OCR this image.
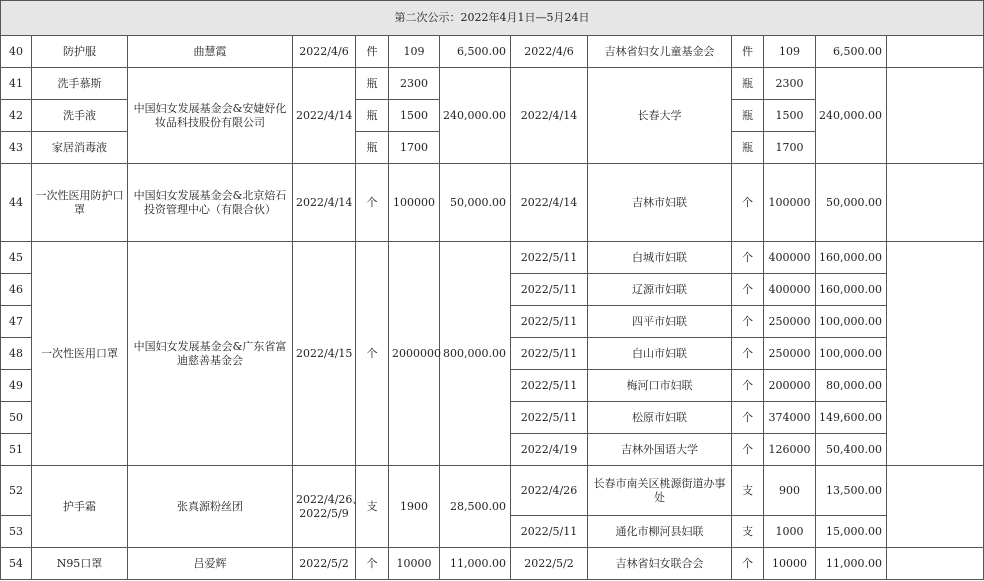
第二次公示：2022年4月1日—5月24日												
40	防护服	曲慧霞	2022/4/6	件	109	6,500.00	2022/4/6	吉林省妇女儿童基金会	件	109	6,500.00	
41	洗手慕斯	中国妇女发展基金会&安婕妤化妆品科技股份有限公司	2022/4/14	瓶	2300	240,000.00	2022/4/14	长春大学	瓶	2300	240,000.00	
42	洗手液			瓶	1500				瓶	1500		
43	家居消毒液			瓶	1700				瓶	1700		
44	一次性医用防护口罩	中国妇女发展基金会&北京焙石投资管理中心（有限合伙）	2022/4/14	个	100000	50,000.00	2022/4/14	吉林市妇联	个	100000	50,000.00	
45	一次性医用口罩	中国妇女发展基金会&广东省富迪慈善基金会	2022/4/15	个	2000000	800,000.00	2022/5/11	白城市妇联	个	400000	160,000.00	
46							2022/5/11	辽源市妇联	个	400000	160,000.00	
47							2022/5/11	四平市妇联	个	250000	100,000.00	
48							2022/5/11	白山市妇联	个	250000	100,000.00	
49							2022/5/11	梅河口市妇联	个	200000	80,000.00	
50							2022/5/11	松原市妇联	个	374000	149,600.00	
51							2022/4/19	吉林外国语大学	个	126000	50,400.00	
52	护手霜	张真源粉丝团	2022/4/26、2022/5/9	支	1900	28,500.00	2022/4/26	长春市南关区桃源街道办事处	支	900	13,500.00	
53							2022/5/11	通化市柳河县妇联	支	1000	15,000.00	
54	N95口罩	吕爱辉	2022/5/2	个	10000	11,000.00	2022/5/2	吉林省妇女联合会	个	10000	11,000.00	
